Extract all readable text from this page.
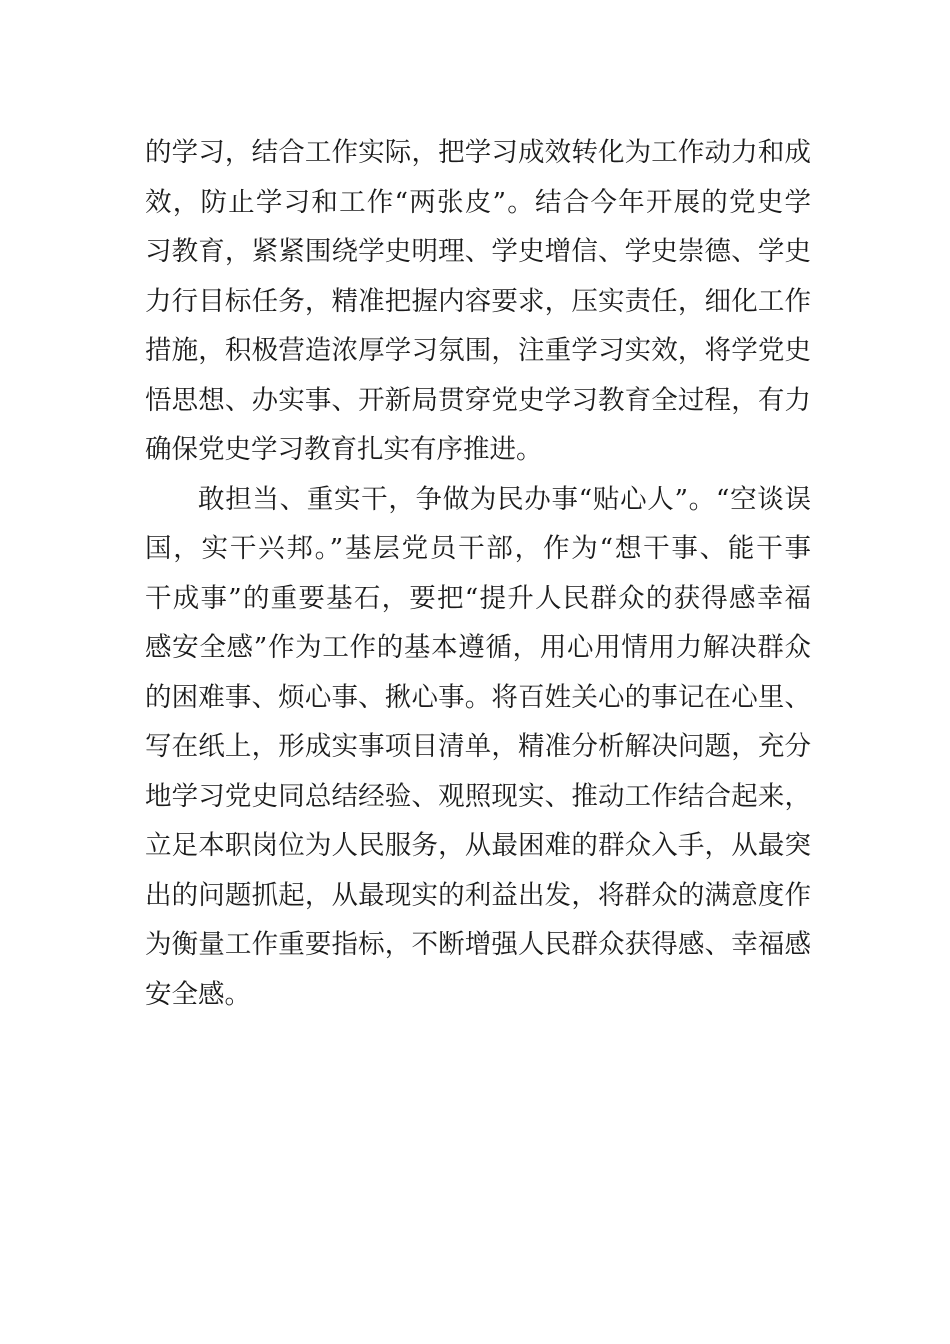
的学习，结合工作实际，把学习成效转化为工作动力和成
效，防止学习和工作“两张皮”。结合今年开展的党史学
习教育，紧紧围绕学史明理、学史增信、学史崇德、学史
力行目标任务，精准把握内容要求，压实责任，细化工作
措施，积极营造浓厚学习氛围，注重学习实效，将学党史
悟思想、办实事、开新局贯穿党史学习教育全过程，有力
确保党史学习教育扎实有序推进。
敢担当、重实干，争做为民办事“贴心人”。“空谈误
国，实干兴邦。”基层党员干部，作为“想干事、能干事
干成事”的重要基石，要把“提升人民群众的获得感幸福
感安全感”作为工作的基本遵循，用心用情用力解决群众
的困难事、烦心事、揪心事。将百姓关心的事记在心里、
写在纸上，形成实事项目清单，精准分析解决问题，充分
地学习党史同总结经验、观照现实、推动工作结合起来，
立足本职岗位为人民服务，从最困难的群众入手，从最突
出的问题抓起，从最现实的利益出发，将群众的满意度作
为衡量工作重要指标，不断增强人民群众获得感、幸福感
安全感。
